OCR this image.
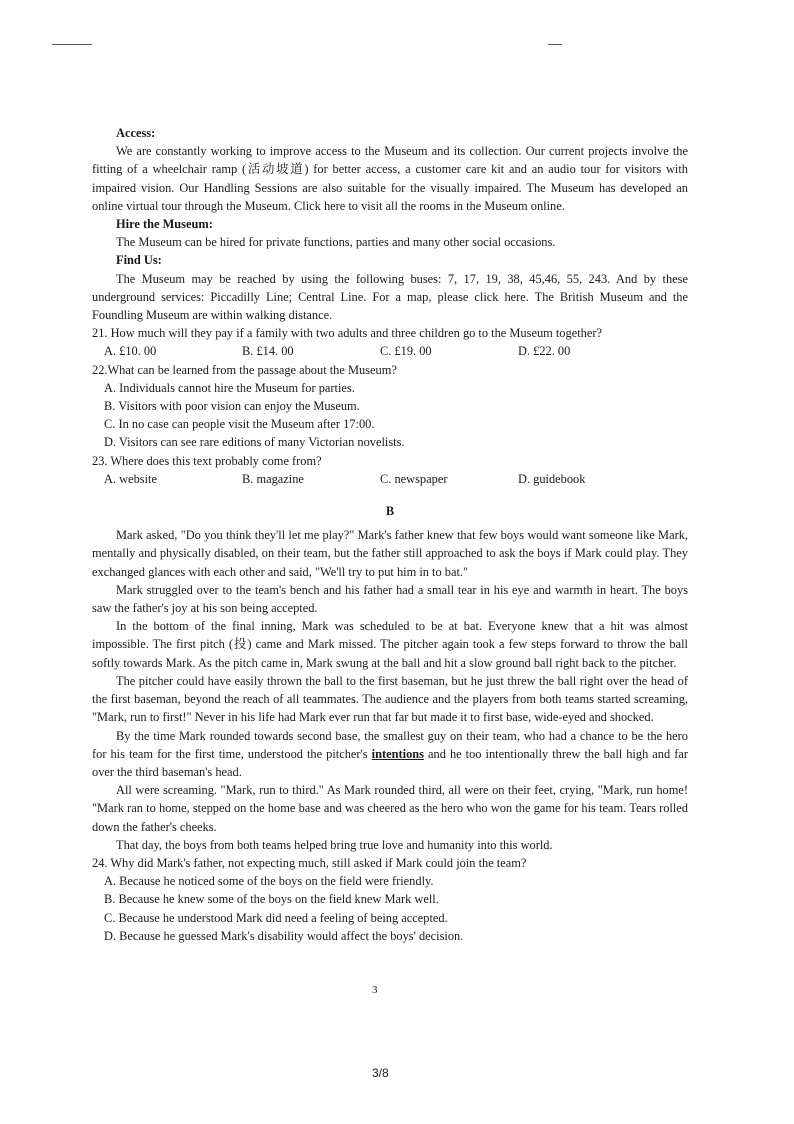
Access:

We are constantly working to improve access to the Museum and its collection. Our current projects involve the fitting of a wheelchair ramp (活动坡道) for better access, a customer care kit and an audio tour for visitors with impaired vision. Our Handling Sessions are also suitable for the visually impaired. The Museum has developed an online virtual tour through the Museum. Click here to visit all the rooms in the Museum online.

Hire the Museum:

The Museum can be hired for private functions, parties and many other social occasions.

Find Us:

The Museum may be reached by using the following buses: 7, 17, 19, 38, 45,46, 55, 243. And by these underground services: Piccadilly Line; Central Line. For a map, please click here. The British Museum and the Foundling Museum are within walking distance.

21. How much will they pay if a family with two adults and three children go to the Museum together?

A. £10. 00	B. £14. 00	C. £19. 00	D. £22. 00

22.What can be learned from the passage about the Museum?

A. Individuals cannot hire the Museum for parties.

B. Visitors with poor vision can enjoy the Museum.

C. In no case can people visit the Museum after 17:00.

D. Visitors can see rare editions of many Victorian novelists.

23. Where does this text probably come from?

A. website	B. magazine	C. newspaper	D. guidebook
B

Mark asked, "Do you think they'll let me play?" Mark's father knew that few boys would want someone like Mark, mentally and physically disabled, on their team, but the father still approached to ask the boys if Mark could play. They exchanged glances with each other and said, "We'll try to put him in to bat."

Mark struggled over to the team's bench and his father had a small tear in his eye and warmth in heart. The boys saw the father's joy at his son being accepted.

In the bottom of the final inning, Mark was scheduled to be at bat. Everyone knew that a hit was almost impossible. The first pitch (投) came and Mark missed. The pitcher again took a few steps forward to throw the ball softly towards Mark. As the pitch came in, Mark swung at the ball and hit a slow ground ball right back to the pitcher.

The pitcher could have easily thrown the ball to the first baseman, but he just threw the ball right over the head of the first baseman, beyond the reach of all teammates. The audience and the players from both teams started screaming, "Mark, run to first!" Never in his life had Mark ever run that far but made it to first base, wide-eyed and shocked.

By the time Mark rounded towards second base, the smallest guy on their team, who had a chance to be the hero for his team for the first time, understood the pitcher's intentions and he too intentionally threw the ball high and far over the third baseman's head.

All were screaming. "Mark, run to third." As Mark rounded third, all were on their feet, crying, "Mark, run home! "Mark ran to home, stepped on the home base and was cheered as the hero who won the game for his team. Tears rolled down the father's cheeks.

That day, the boys from both teams helped bring true love and humanity into this world.

24. Why did Mark's father, not expecting much, still asked if Mark could join the team?

A. Because he noticed some of the boys on the field were friendly.

B. Because he knew some of the boys on the field knew Mark well.

C. Because he understood Mark did need a feeling of being accepted.

D. Because he guessed Mark's disability would affect the boys' decision.

3
3/8
